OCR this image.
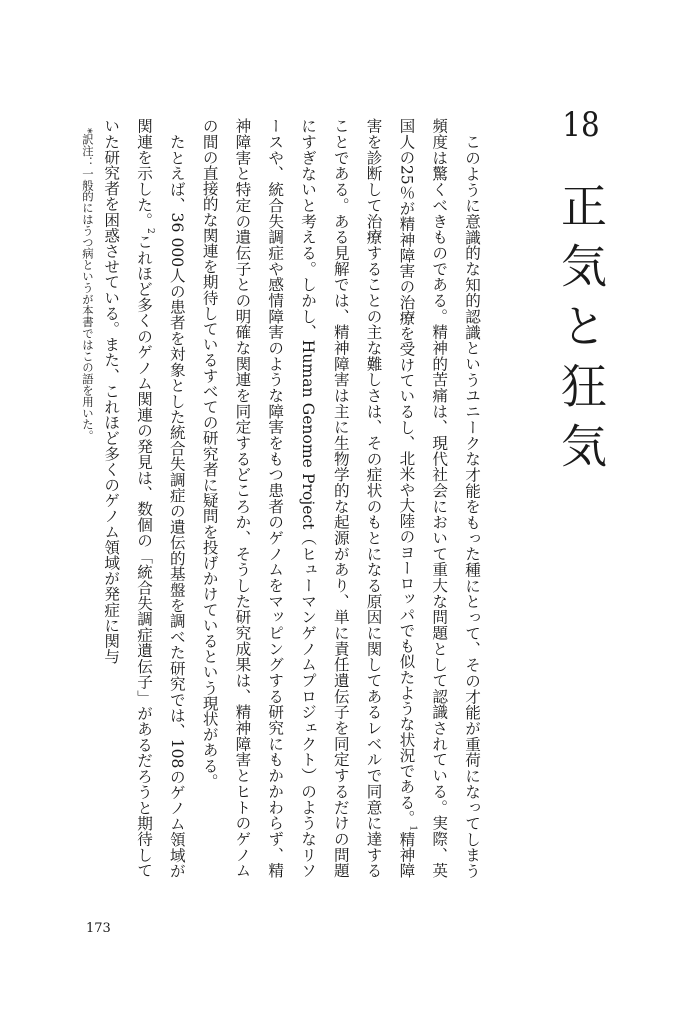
18正気と狂気

このように意識的な知的認識というユニークな才能をもった種にとって、その才能が重荷になってしまう頻度は驚くべきものである。精神的苦痛は、現代社会において重大な問題として認識されている。実際、英国人の25％が精神障害の治療を受けているし、北米や大陸のヨーロッパでも似たような状況である。$^1$精神障害を診断して治療することの主な難しさは、その症状のもとになる原因に関してあるレベルで同意に達することである。ある見解では、精神障害は主に生物学的な起源があり、単に責任遺伝子を同定するだけの問題にすぎないと考える。しかし、Human Genome Project（ヒューマンゲノムプロジェクト）のようなリソースや、統合失調症や感情障害のような障害をもつ患者のゲノムをマッピングする研究にもかかわらず、精神障害と特定の遺伝子との明確な関連を同定するどころか、そうした研究成果は、精神障害とヒトのゲノムの間の直接的な関連を期待しているすべての研究者に疑問を投げかけているという現状がある。

たとえば、36 000人の患者を対象とした統合失調症の遺伝的基盤を調べた研究では、108のゲノム領域が関連を示した。$^2$これほど多くのゲノム関連の発見は、数個の「統合失調症遺伝子」があるだろうと期待していた研究者を困惑させている。また、これほど多くのゲノム領域が発症に関与

*訳注：一般的にはうつ病というが本書ではこの語を用いた。
173
